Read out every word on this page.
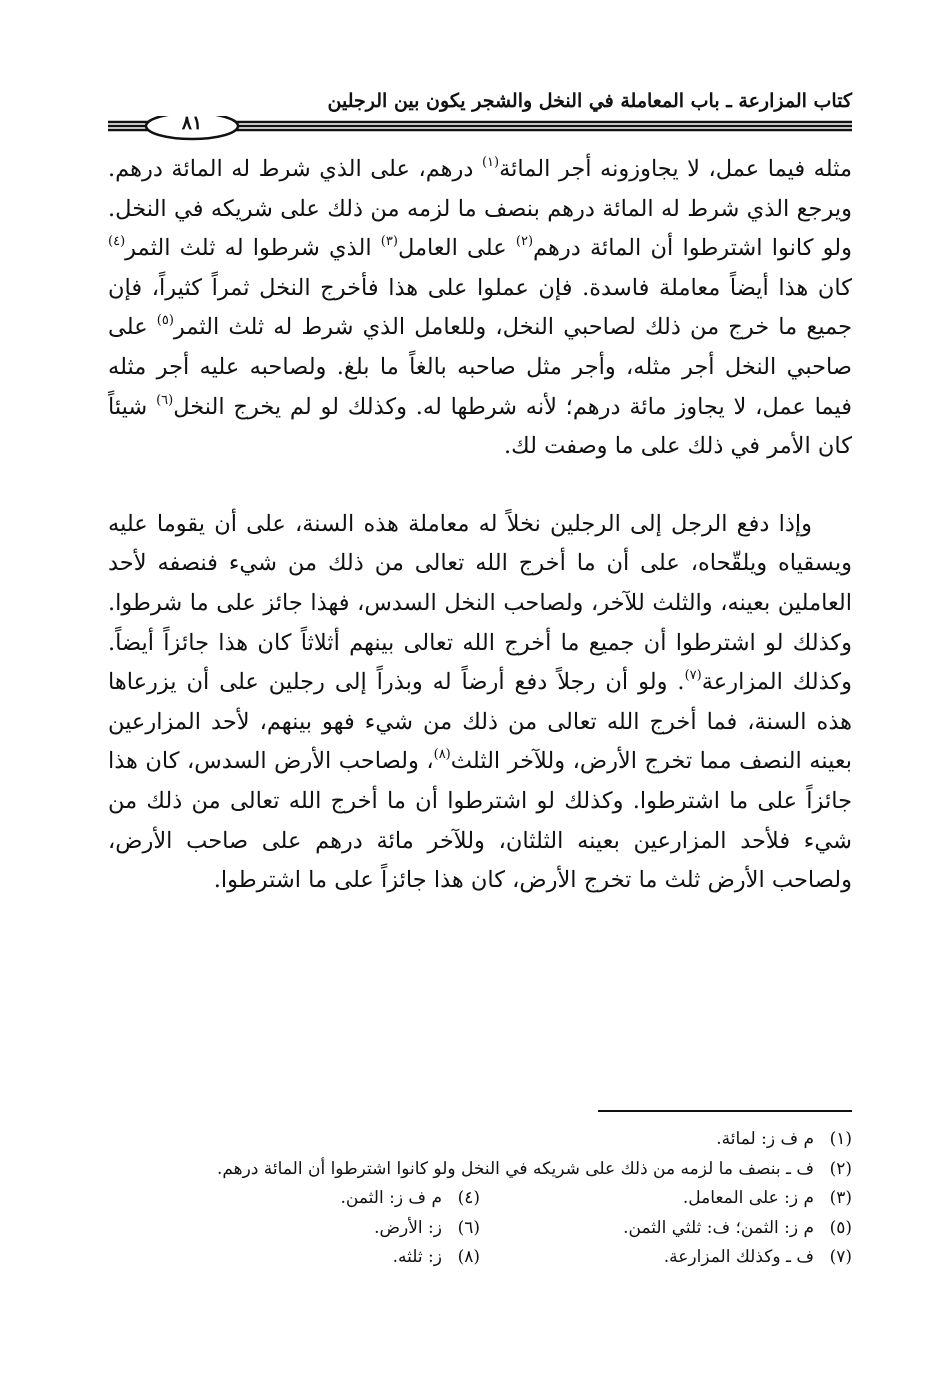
كتاب المزارعة ـ باب المعاملة في النخل والشجر يكون بين الرجلين
٨١

مثله فيما عمل، لا يجاوزونه أجر المائة$^{(١)}$ درهم، على الذي شرط له المائة درهم. ويرجع الذي شرط له المائة درهم بنصف ما لزمه من ذلك على شريكه في النخل. ولو كانوا اشترطوا أن المائة درهم$^{(٢)}$ على العامل$^{(٣)}$ الذي شرطوا له ثلث الثمر$^{(٤)}$ كان هذا أيضاً معاملة فاسدة. فإن عملوا على هذا فأخرج النخل ثمراً كثيراً، فإن جميع ما خرج من ذلك لصاحبي النخل، وللعامل الذي شرط له ثلث الثمر$^{(٥)}$ على صاحبي النخل أجر مثله، وأجر مثل صاحبه بالغاً ما بلغ. ولصاحبه عليه أجر مثله فيما عمل، لا يجاوز مائة درهم؛ لأنه شرطها له. وكذلك لو لم يخرج النخل$^{(٦)}$ شيئاً كان الأمر في ذلك على ما وصفت لك.

وإذا دفع الرجل إلى الرجلين نخلاً له معاملة هذه السنة، على أن يقوما عليه ويسقياه ويلقّحاه، على أن ما أخرج الله تعالى من ذلك من شيء فنصفه لأحد العاملين بعينه، والثلث للآخر، ولصاحب النخل السدس، فهذا جائز على ما شرطوا. وكذلك لو اشترطوا أن جميع ما أخرج الله تعالى بينهم أثلاثاً كان هذا جائزاً أيضاً. وكذلك المزارعة$^{(٧)}$. ولو أن رجلاً دفع أرضاً له وبذراً إلى رجلين على أن يزرعاها هذه السنة، فما أخرج الله تعالى من ذلك من شيء فهو بينهم، لأحد المزارعين بعينه النصف مما تخرج الأرض، وللآخر الثلث$^{(٨)}$، ولصاحب الأرض السدس، كان هذا جائزاً على ما اشترطوا. وكذلك لو اشترطوا أن ما أخرج الله تعالى من ذلك من شيء فلأحد المزارعين بعينه الثلثان، وللآخر مائة درهم على صاحب الأرض، ولصاحب الأرض ثلث ما تخرج الأرض، كان هذا جائزاً على ما اشترطوا.

(١)
م ف ز: لمائة.
(٢)
ف ـ بنصف ما لزمه من ذلك على شريكه في النخل ولو كانوا اشترطوا أن المائة درهم.
(٣)
م ز: على المعامل.
(٤)
م ف ز: الثمن.
(٥)
م ز: الثمن؛ ف: ثلثي الثمن.
(٦)
ز: الأرض.
(٧)
ف ـ وكذلك المزارعة.
(٨)
ز: ثلثه.
